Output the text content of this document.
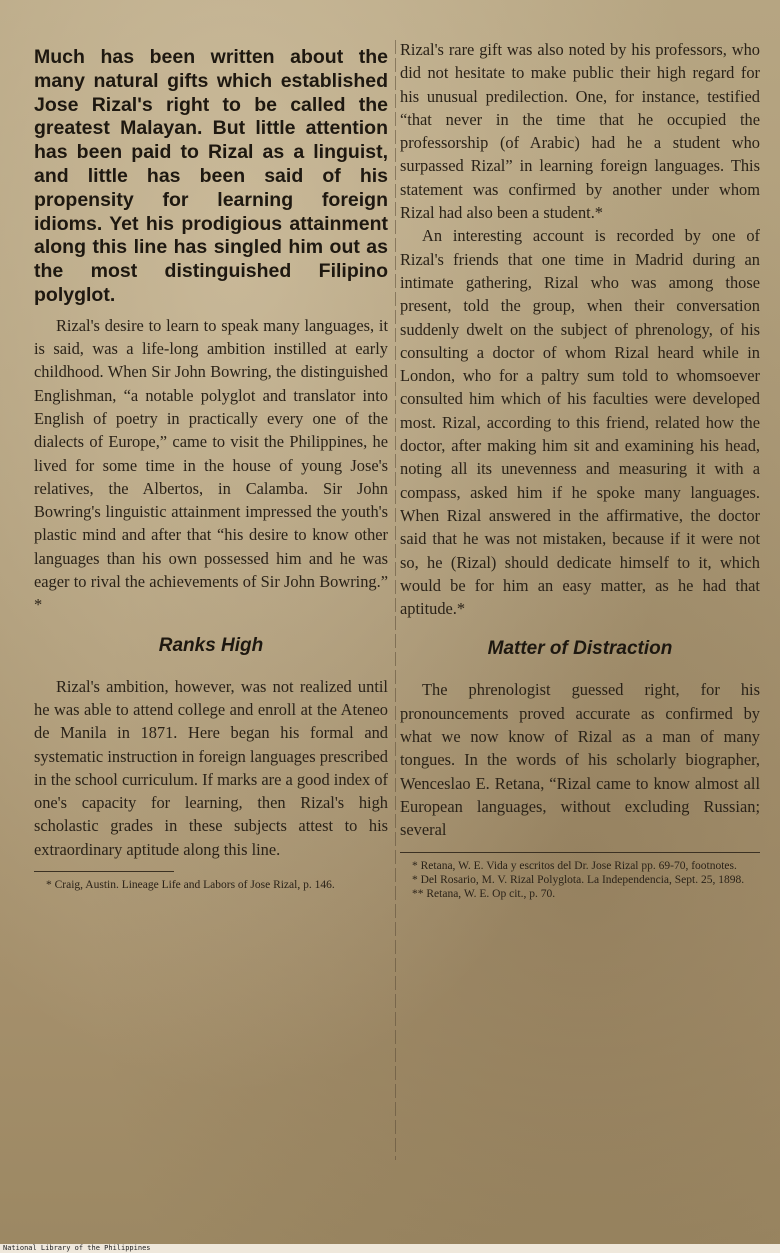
Much has been written about the many natural gifts which established Jose Rizal's right to be called the greatest Malayan. But little attention has been paid to Rizal as a linguist, and little has been said of his propensity for learning foreign idioms. Yet his prodigious attainment along this line has singled him out as the most distinguished Filipino polyglot.

Rizal's desire to learn to speak many languages, it is said, was a life-long ambition instilled at early childhood. When Sir John Bowring, the distinguished Englishman, “a notable polyglot and translator into English of poetry in practically every one of the dialects of Europe,” came to visit the Philippines, he lived for some time in the house of young Jose's relatives, the Albertos, in Calamba. Sir John Bowring's linguistic attainment impressed the youth's plastic mind and after that “his desire to know other languages than his own possessed him and he was eager to rival the achievements of Sir John Bowring.” *

Ranks High

Rizal's ambition, however, was not realized until he was able to attend college and enroll at the Ateneo de Manila in 1871. Here began his formal and systematic instruction in foreign languages prescribed in the school curriculum. If marks are a good index of one's capacity for learning, then Rizal's high scholastic grades in these subjects attest to his extraordinary aptitude along this line.

* Craig, Austin. Lineage Life and Labors of Jose Rizal, p. 146.

Rizal's rare gift was also noted by his professors, who did not hesitate to make public their high regard for his unusual predilection. One, for instance, testified “that never in the time that he occupied the professorship (of Arabic) had he a student who surpassed Rizal” in learning foreign languages. This statement was confirmed by another under whom Rizal had also been a student.*

An interesting account is recorded by one of Rizal's friends that one time in Madrid during an intimate gathering, Rizal who was among those present, told the group, when their conversation suddenly dwelt on the subject of phrenology, of his consulting a doctor of whom Rizal heard while in London, who for a paltry sum told to whomsoever consulted him which of his faculties were developed most. Rizal, according to this friend, related how the doctor, after making him sit and examining his head, noting all its unevenness and measuring it with a compass, asked him if he spoke many languages. When Rizal answered in the affirmative, the doctor said that he was not mistaken, because if it were not so, he (Rizal) should dedicate himself to it, which would be for him an easy matter, as he had that aptitude.*

Matter of Distraction

The phrenologist guessed right, for his pronouncements proved accurate as confirmed by what we now know of Rizal as a man of many tongues. In the words of his scholarly biographer, Wenceslao E. Retana, “Rizal came to know almost all European languages, without excluding Russian; several

* Retana, W. E. Vida y escritos del Dr. Jose Rizal pp. 69-70, footnotes.

* Del Rosario, M. V. Rizal Polyglota. La Independencia, Sept. 25, 1898.

** Retana, W. E. Op cit., p. 70.

National Library of the Philippines
